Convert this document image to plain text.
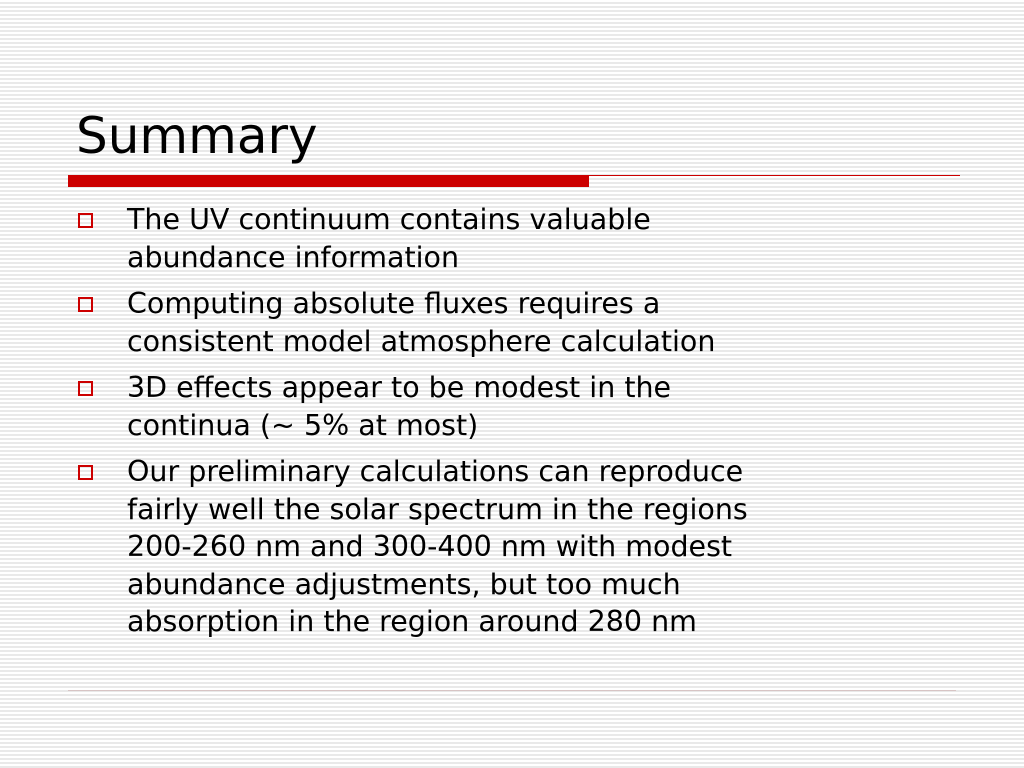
Summary
The UV continuum contains valuable
abundance information
Computing absolute fluxes requires a
consistent model atmosphere calculation
3D effects appear to be modest in the
continua (~ 5% at most)
Our preliminary calculations can reproduce
fairly well the solar spectrum in the regions
200-260 nm and 300-400 nm with modest
abundance adjustments, but too much
absorption in the region around 280 nm
